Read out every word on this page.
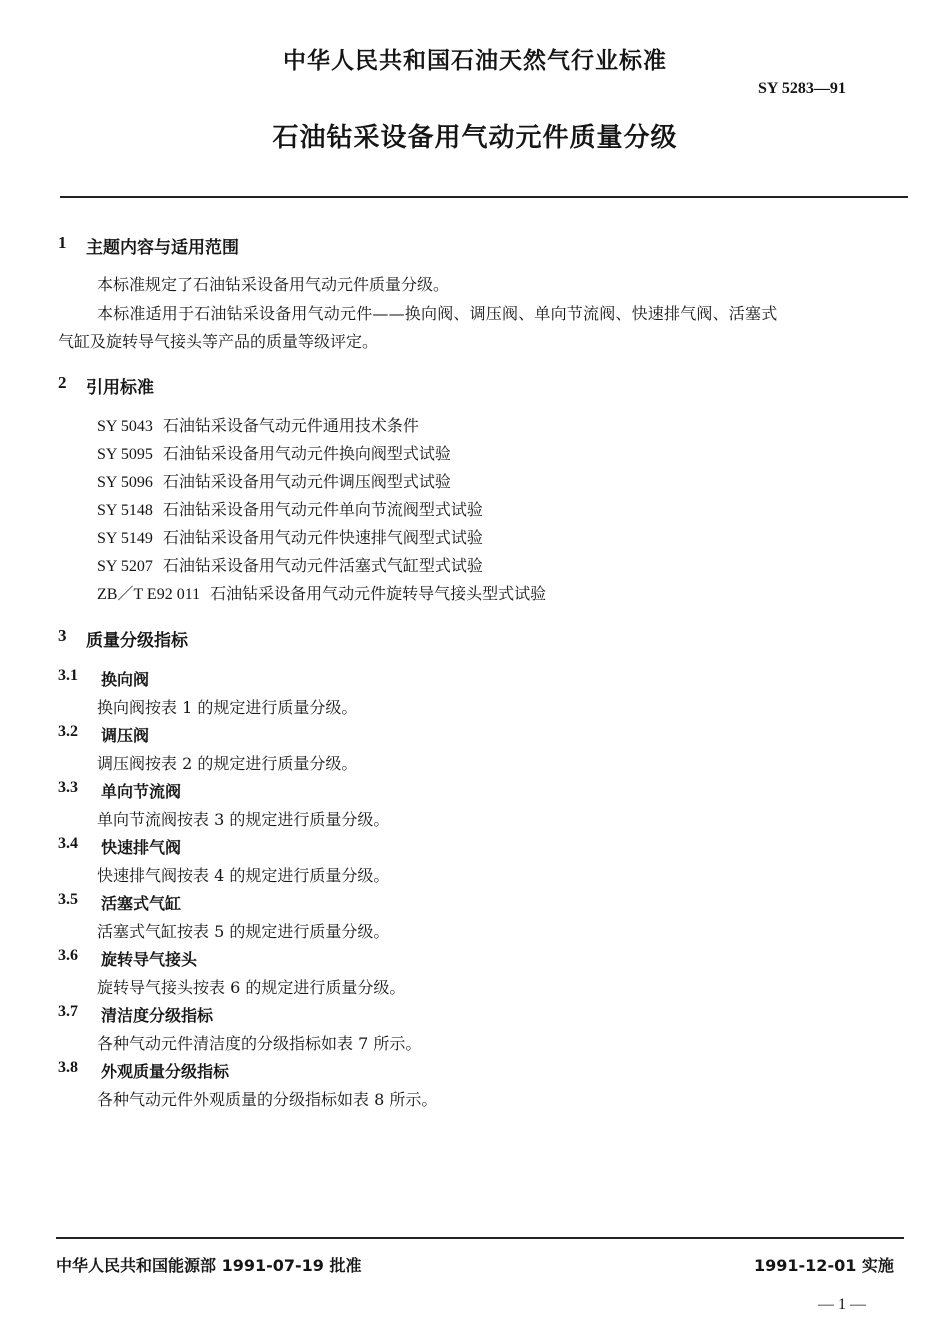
中华人民共和国石油天然气行业标准
SY 5283—91
石油钻采设备用气动元件质量分级
1 主题内容与适用范围
本标准规定了石油钻采设备用气动元件质量分级。
本标准适用于石油钻采设备用气动元件——换向阀、调压阀、单向节流阀、快速排气阀、活塞式
气缸及旋转导气接头等产品的质量等级评定。
2 引用标准
SY 5043 石油钻采设备气动元件通用技术条件
SY 5095 石油钻采设备用气动元件换向阀型式试验
SY 5096 石油钻采设备用气动元件调压阀型式试验
SY 5148 石油钻采设备用气动元件单向节流阀型式试验
SY 5149 石油钻采设备用气动元件快速排气阀型式试验
SY 5207 石油钻采设备用气动元件活塞式气缸型式试验
ZB／T E92 011 石油钻采设备用气动元件旋转导气接头型式试验
3 质量分级指标
3.1 换向阀
换向阀按表 1 的规定进行质量分级。
3.2 调压阀
调压阀按表 2 的规定进行质量分级。
3.3 单向节流阀
单向节流阀按表 3 的规定进行质量分级。
3.4 快速排气阀
快速排气阀按表 4 的规定进行质量分级。
3.5 活塞式气缸
活塞式气缸按表 5 的规定进行质量分级。
3.6 旋转导气接头
旋转导气接头按表 6 的规定进行质量分级。
3.7 清洁度分级指标
各种气动元件清洁度的分级指标如表 7 所示。
3.8 外观质量分级指标
各种气动元件外观质量的分级指标如表 8 所示。
中华人民共和国能源部 1991-07-19 批准	1991-12-01 实施
— 1 —
